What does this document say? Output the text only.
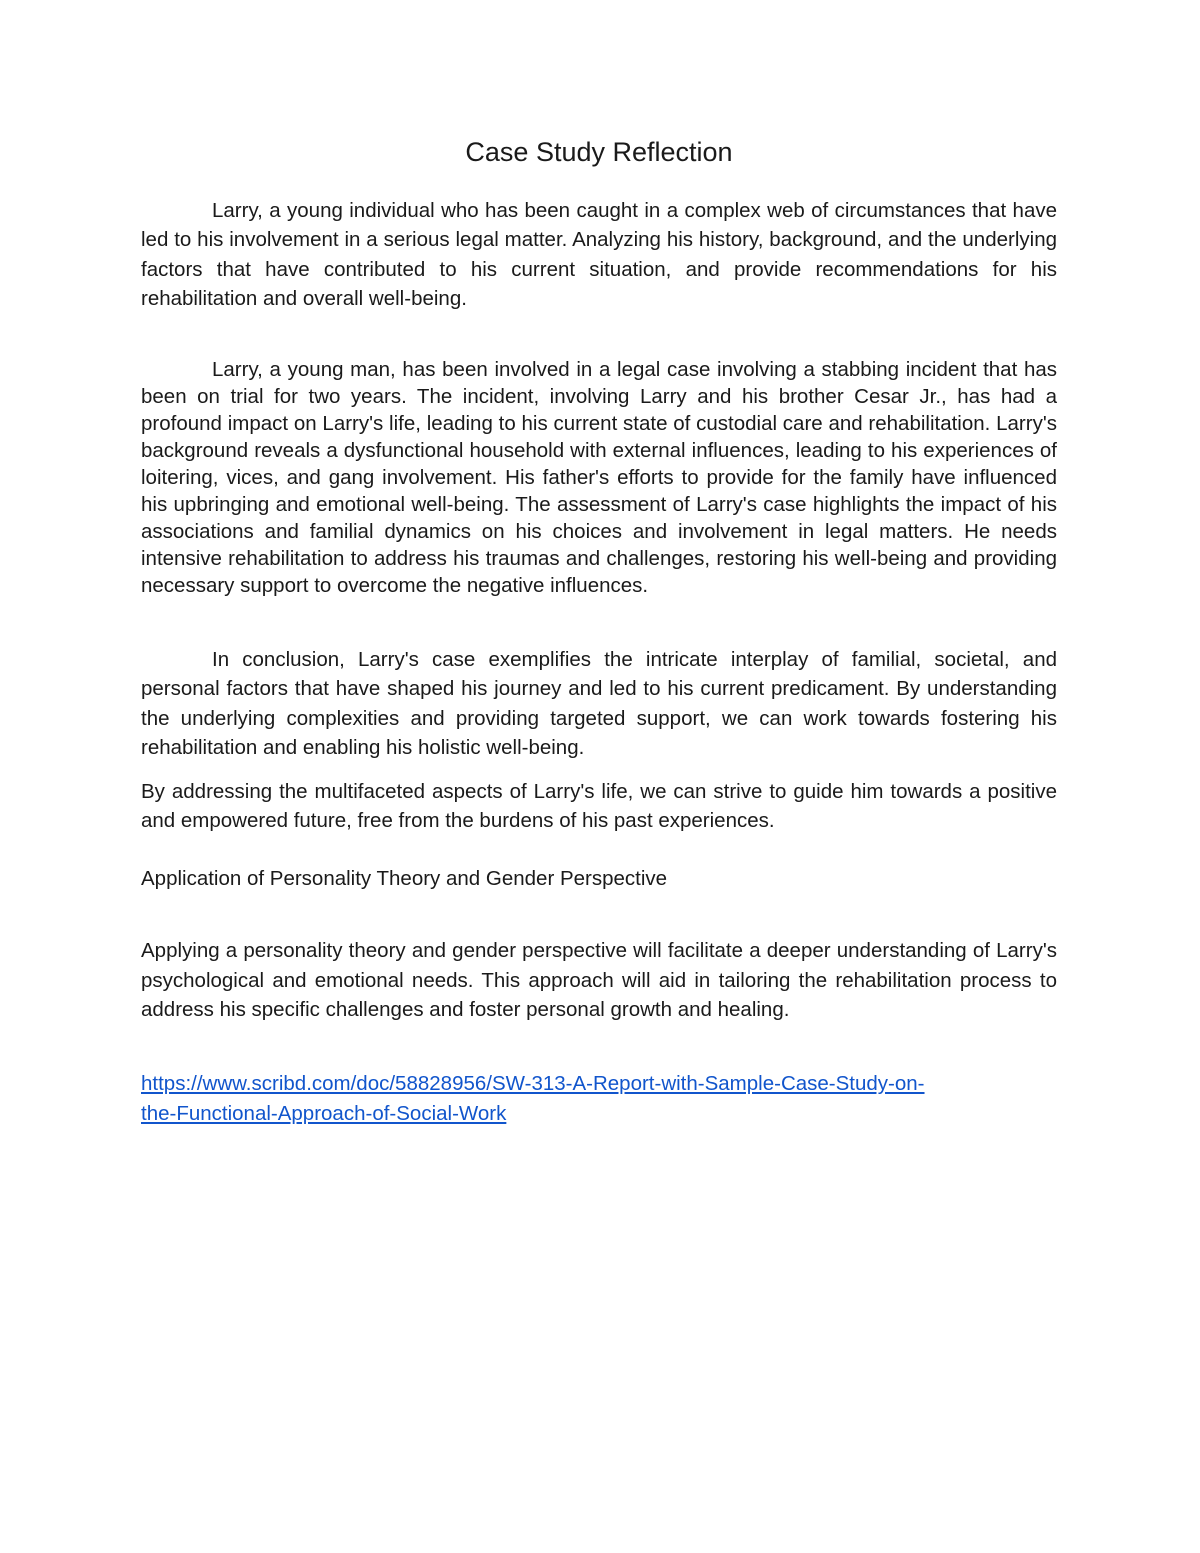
Case Study Reflection

Larry, a young individual who has been caught in a complex web of circumstances that have led to his involvement in a serious legal matter. Analyzing his history, background, and the underlying factors that have contributed to his current situation, and provide recommendations for his rehabilitation and overall well-being.

Larry, a young man, has been involved in a legal case involving a stabbing incident that has been on trial for two years. The incident, involving Larry and his brother Cesar Jr., has had a profound impact on Larry's life, leading to his current state of custodial care and rehabilitation. Larry's background reveals a dysfunctional household with external influences, leading to his experiences of loitering, vices, and gang involvement. His father's efforts to provide for the family have influenced his upbringing and emotional well-being. The assessment of Larry's case highlights the impact of his associations and familial dynamics on his choices and involvement in legal matters. He needs intensive rehabilitation to address his traumas and challenges, restoring his well-being and providing necessary support to overcome the negative influences.

In conclusion, Larry's case exemplifies the intricate interplay of familial, societal, and personal factors that have shaped his journey and led to his current predicament. By understanding the underlying complexities and providing targeted support, we can work towards fostering his rehabilitation and enabling his holistic well-being.

By addressing the multifaceted aspects of Larry's life, we can strive to guide him towards a positive and empowered future, free from the burdens of his past experiences.

Application of Personality Theory and Gender Perspective

Applying a personality theory and gender perspective will facilitate a deeper understanding of Larry's psychological and emotional needs. This approach will aid in tailoring the rehabilitation process to address his specific challenges and foster personal growth and healing.

https://www.scribd.com/doc/58828956/SW-313-A-Report-with-Sample-Case-Study-on-
the-Functional-Approach-of-Social-Work
